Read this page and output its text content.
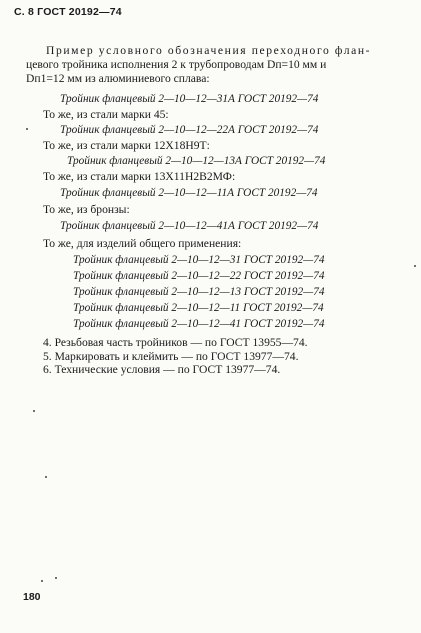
С. 8 ГОСТ 20192—74
Пример условного обозначения переходного флан-
цевого тройника исполнения 2 к трубопроводам Dп=10 мм и
Dп1=12 мм из алюминиевого сплава:
Тройник фланцевый 2—10—12—31А ГОСТ 20192—74
То же, из стали марки 45:
Тройник фланцевый 2—10—12—22А ГОСТ 20192—74
То же, из стали марки 12Х18Н9Т:
Тройник фланцевый 2—10—12—13А ГОСТ 20192—74
То же, из стали марки 13Х11Н2В2МФ:
Тройник фланцевый 2—10—12—11А ГОСТ 20192—74
То же, из бронзы:
Тройник фланцевый 2—10—12—41А ГОСТ 20192—74
То же, для изделий общего применения:
Тройник фланцевый 2—10—12—31 ГОСТ 20192—74
Тройник фланцевый 2—10—12—22 ГОСТ 20192—74
Тройник фланцевый 2—10—12—13 ГОСТ 20192—74
Тройник фланцевый 2—10—12—11 ГОСТ 20192—74
Тройник фланцевый 2—10—12—41 ГОСТ 20192—74
4. Резьбовая часть тройников — по ГОСТ 13955—74.
5. Маркировать и клеймить — по ГОСТ 13977—74.
6. Технические условия — по ГОСТ 13977—74.
180
